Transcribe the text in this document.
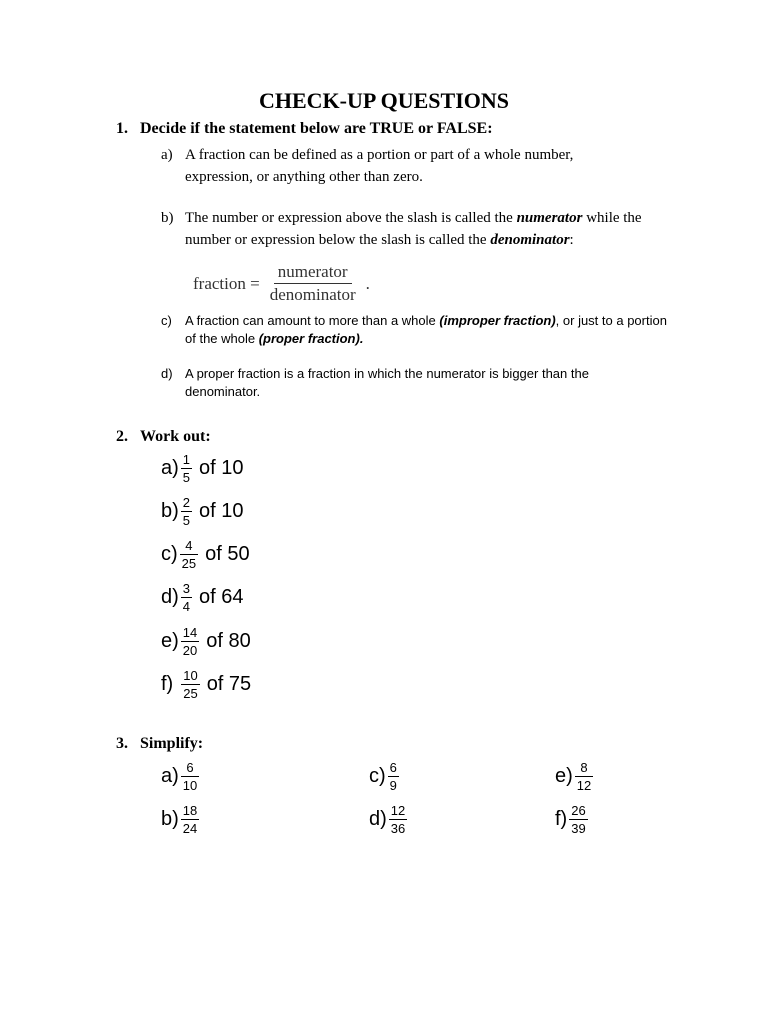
CHECK-UP QUESTIONS
1. Decide if the statement below are TRUE or FALSE:
a) A fraction can be defined as a portion or part of a whole number, expression, or anything other than zero.
b) The number or expression above the slash is called the numerator while the number or expression below the slash is called the denominator:
fraction =
numerator
denominator
.
c) A fraction can amount to more than a whole (improper fraction), or just to a portion of the whole (proper fraction).
d) A proper fraction is a fraction in which the numerator is bigger than the denominator.
2. Work out:
$a) \frac{1}{5}$ of 10
$b) \frac{2}{5}$ of 10
$c) \frac{4}{25}$ of 50
$d) \frac{3}{4}$ of 64
$e) \frac{14}{20}$ of 80
$f) \frac{10}{25}$ of 75
3. Simplify:
$a) \frac{6}{10}$
$b) \frac{18}{24}$
$c) \frac{6}{9}$
$d) \frac{12}{36}$
$e) \frac{8}{12}$
$f) \frac{26}{39}$
